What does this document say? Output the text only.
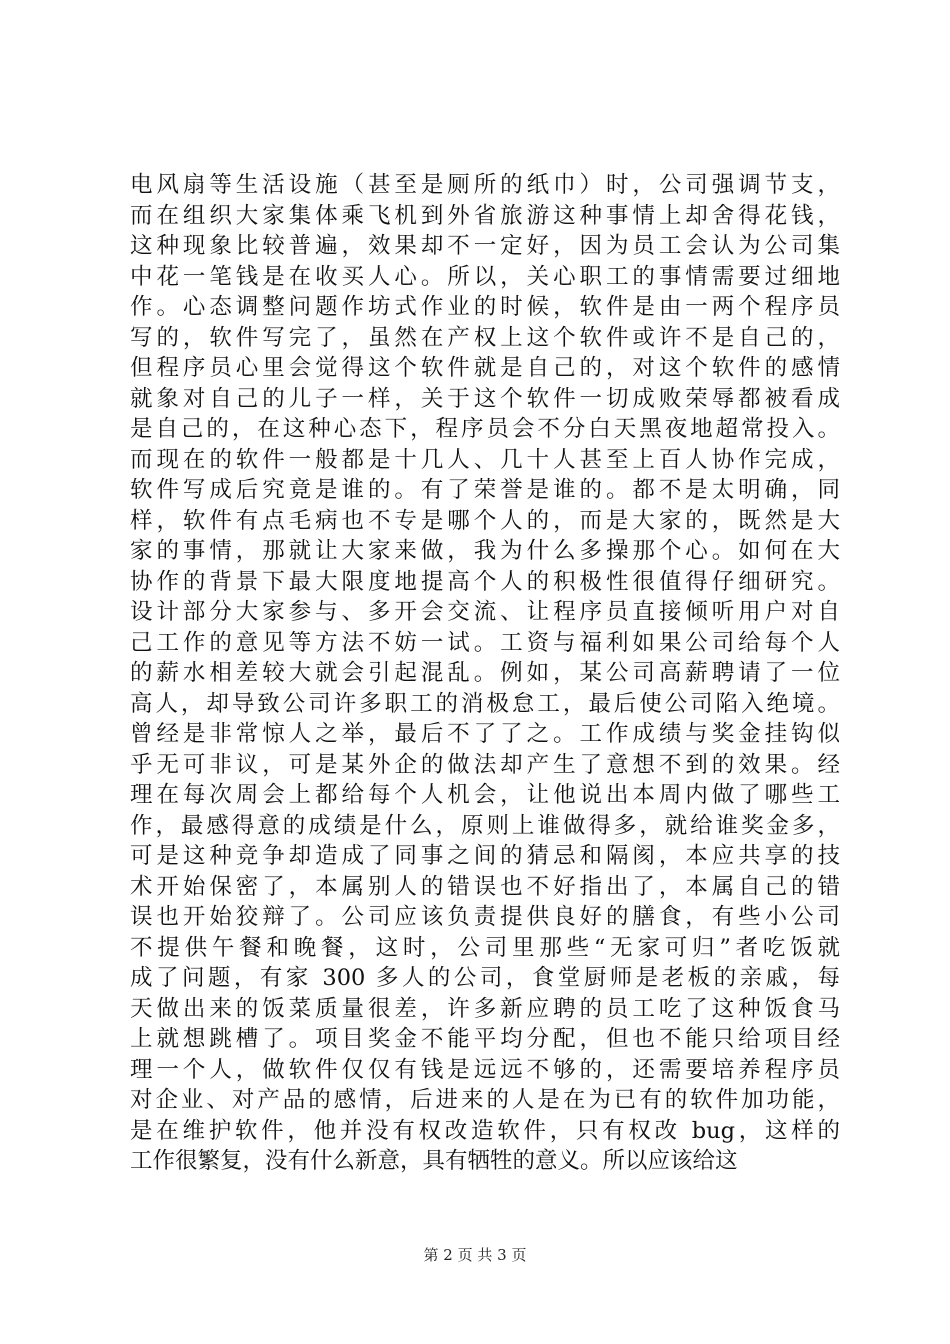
电风扇等生活设施（甚至是厕所的纸巾）时，公司强调节支，
而在组织大家集体乘飞机到外省旅游这种事情上却舍得花钱，
这种现象比较普遍，效果却不一定好，因为员工会认为公司集
中花一笔钱是在收买人心。所以，关心职工的事情需要过细地
作。心态调整问题作坊式作业的时候，软件是由一两个程序员
写的，软件写完了，虽然在产权上这个软件或许不是自己的，
但程序员心里会觉得这个软件就是自己的，对这个软件的感情
就象对自己的儿子一样，关于这个软件一切成败荣辱都被看成
是自己的，在这种心态下，程序员会不分白天黑夜地超常投入。
而现在的软件一般都是十几人、几十人甚至上百人协作完成，
软件写成后究竟是谁的。有了荣誉是谁的。都不是太明确，同
样，软件有点毛病也不专是哪个人的，而是大家的，既然是大
家的事情，那就让大家来做，我为什么多操那个心。如何在大
协作的背景下最大限度地提高个人的积极性很值得仔细研究。
设计部分大家参与、多开会交流、让程序员直接倾听用户对自
己工作的意见等方法不妨一试。工资与福利如果公司给每个人
的薪水相差较大就会引起混乱。例如，某公司高薪聘请了一位
高人，却导致公司许多职工的消极怠工，最后使公司陷入绝境。
曾经是非常惊人之举，最后不了了之。工作成绩与奖金挂钩似
乎无可非议，可是某外企的做法却产生了意想不到的效果。经
理在每次周会上都给每个人机会，让他说出本周内做了哪些工
作，最感得意的成绩是什么，原则上谁做得多，就给谁奖金多，
可是这种竞争却造成了同事之间的猜忌和隔阂，本应共享的技
术开始保密了，本属别人的错误也不好指出了，本属自己的错
误也开始狡辩了。公司应该负责提供良好的膳食，有些小公司
不提供午餐和晚餐，这时，公司里那些“无家可归”者吃饭就
成了问题，有家 300 多人的公司，食堂厨师是老板的亲戚，每
天做出来的饭菜质量很差，许多新应聘的员工吃了这种饭食马
上就想跳槽了。项目奖金不能平均分配，但也不能只给项目经
理一个人，做软件仅仅有钱是远远不够的，还需要培养程序员
对企业、对产品的感情，后进来的人是在为已有的软件加功能，
是在维护软件，他并没有权改造软件，只有权改 bug，这样的
工作很繁复，没有什么新意，具有牺牲的意义。所以应该给这
第 2 页 共 3 页
